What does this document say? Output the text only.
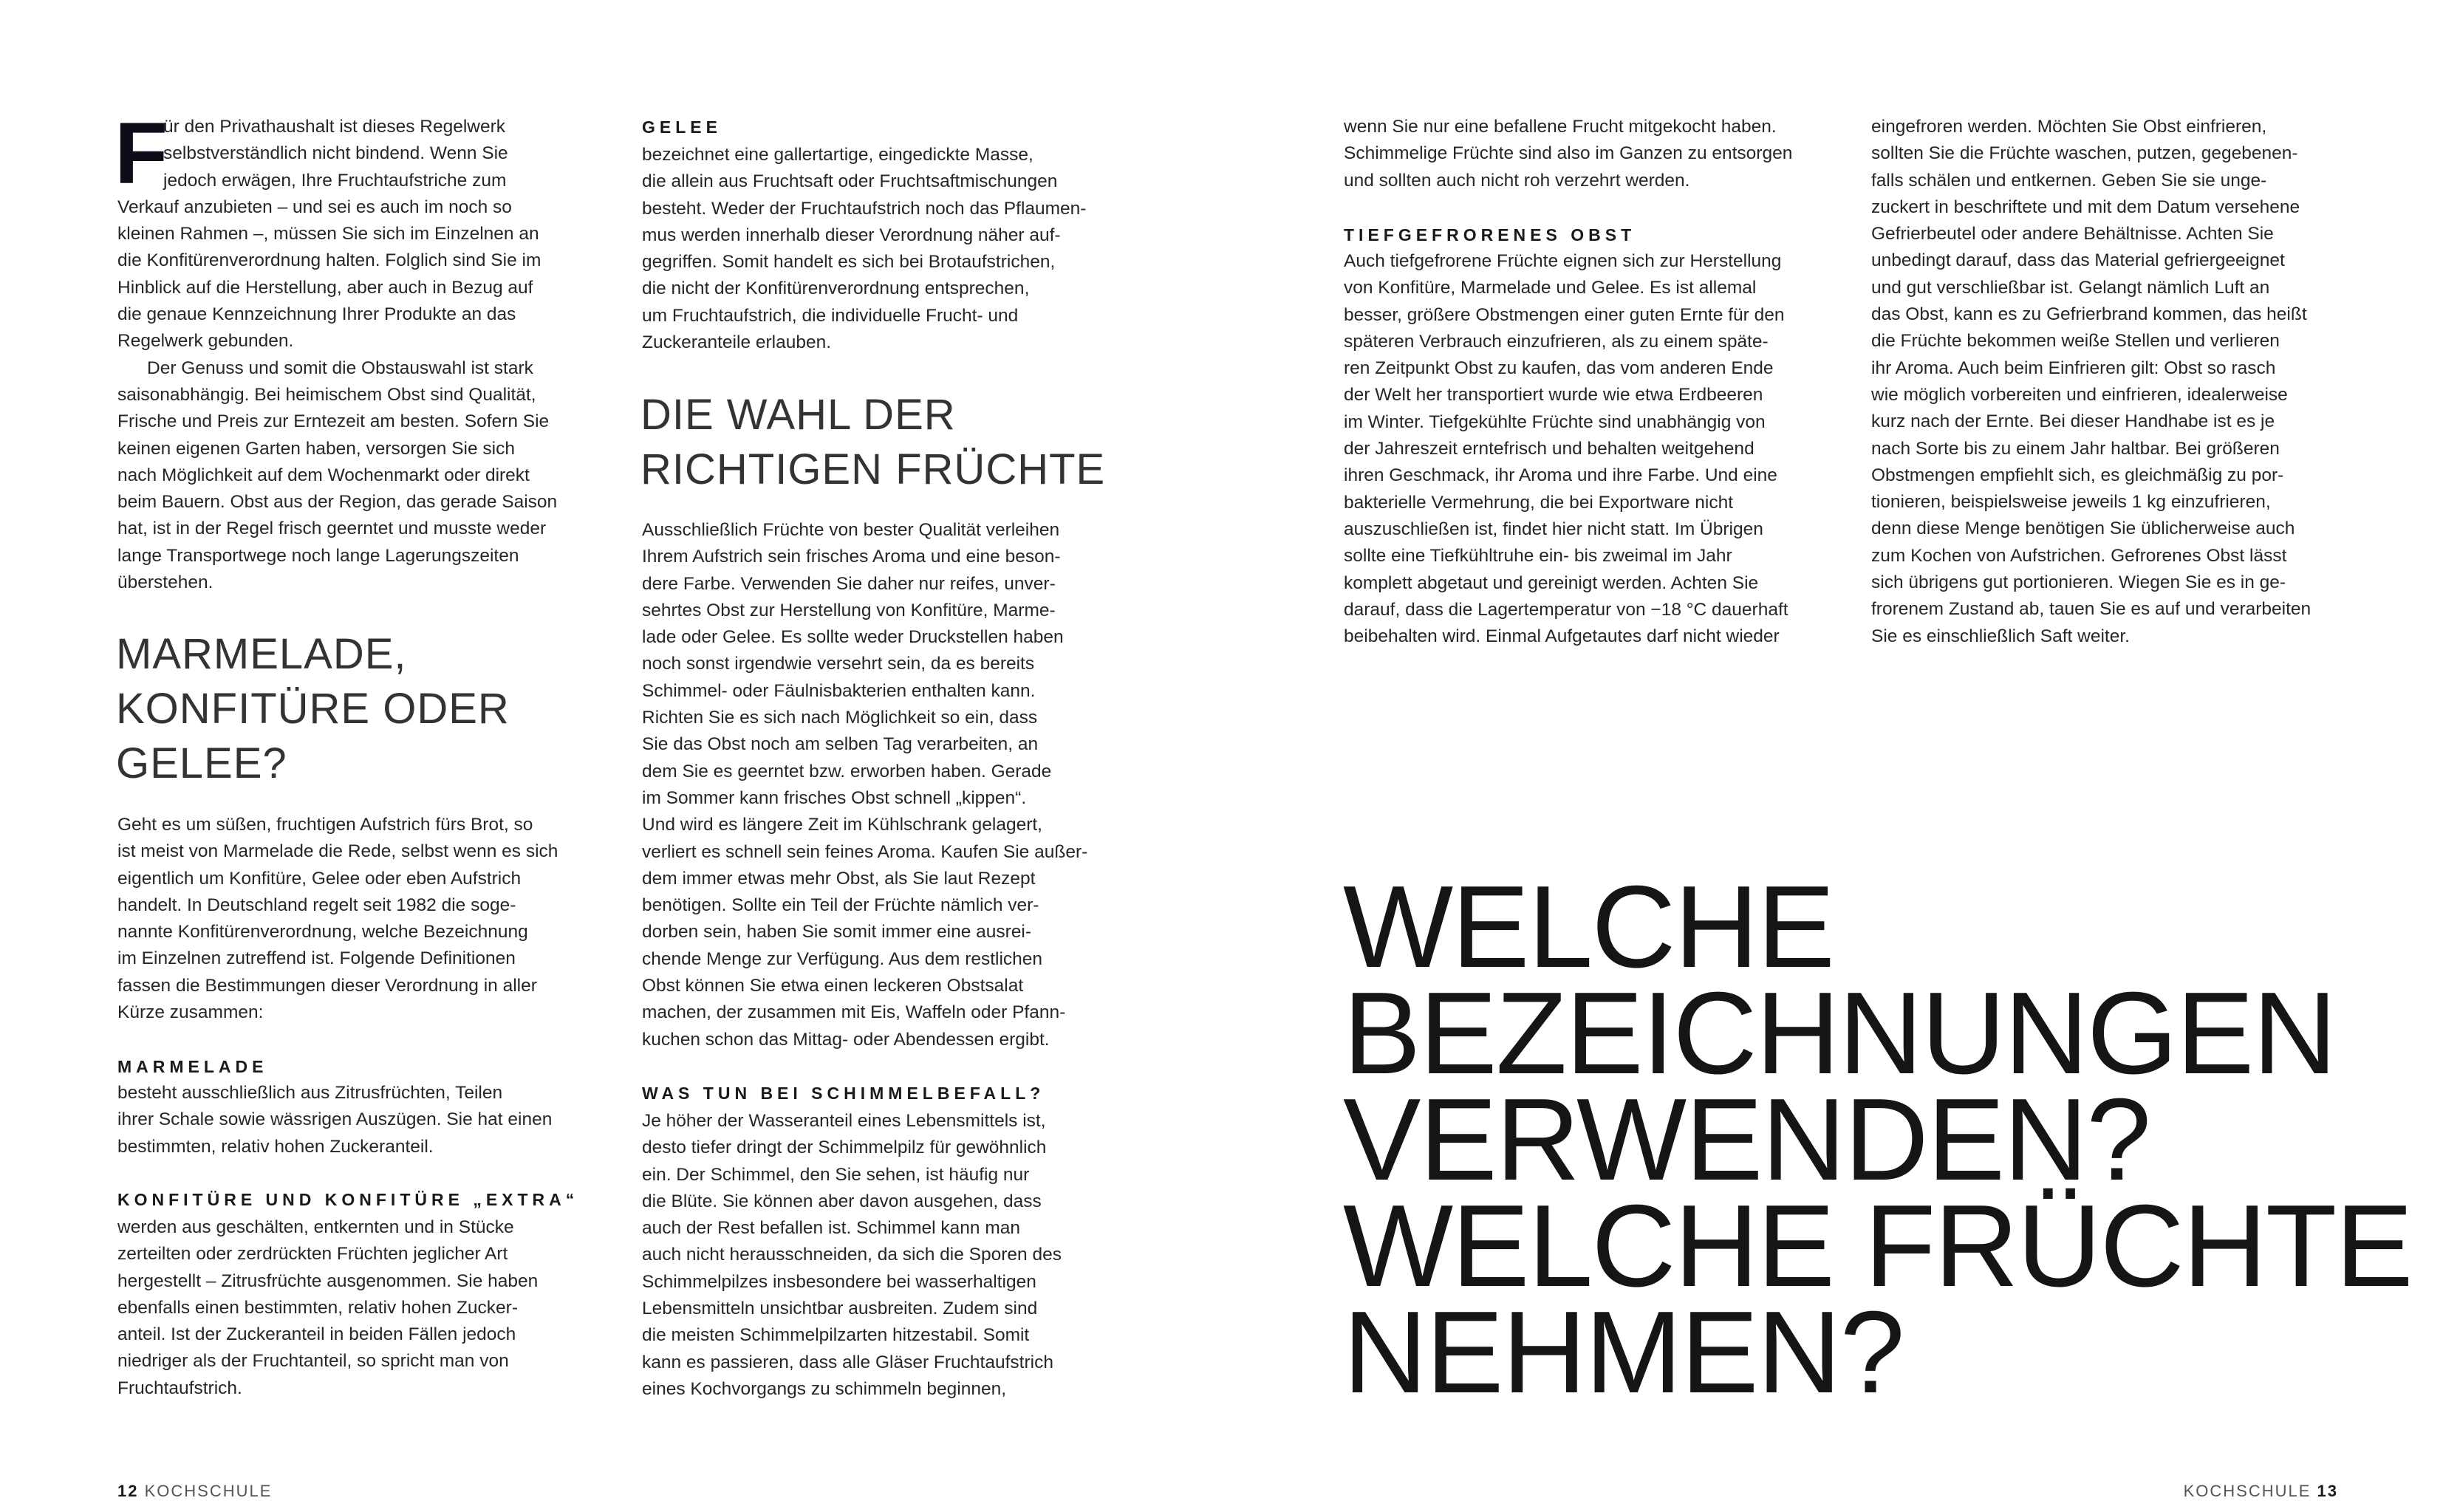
F
ür den Privathaushalt ist dieses Regelwerk
selbstverständlich nicht bindend. Wenn Sie
jedoch erwägen, Ihre Fruchtaufstriche zum
Verkauf anzubieten – und sei es auch im noch so
kleinen Rahmen –, müssen Sie sich im Einzelnen an
die Konfitürenverordnung halten. Folglich sind Sie im
Hinblick auf die Herstellung, aber auch in Bezug auf
die genaue Kennzeichnung Ihrer Produkte an das
Regelwerk gebunden.
Der Genuss und somit die Obstauswahl ist stark
saisonabhängig. Bei heimischem Obst sind Qualität,
Frische und Preis zur Erntezeit am besten. Sofern Sie
keinen eigenen Garten haben, versorgen Sie sich
nach Möglichkeit auf dem Wochenmarkt oder direkt
beim Bauern. Obst aus der Region, das gerade Saison
hat, ist in der Regel frisch geerntet und musste weder
lange Transportwege noch lange Lagerungszeiten
überstehen.
MARMELADE,
KONFITÜRE ODER
GELEE?
Geht es um süßen, fruchtigen Aufstrich fürs Brot, so
ist meist von Marmelade die Rede, selbst wenn es sich
eigentlich um Konfitüre, Gelee oder eben Aufstrich
handelt. In Deutschland regelt seit 1982 die soge-
nannte Konfitürenverordnung, welche Bezeichnung
im Einzelnen zutreffend ist. Folgende Definitionen
fassen die Bestimmungen dieser Verordnung in aller
Kürze zusammen:
MARMELADE
besteht ausschließlich aus Zitrusfrüchten, Teilen
ihrer Schale sowie wässrigen Auszügen. Sie hat einen
bestimmten, relativ hohen Zuckeranteil.
KONFITÜRE UND KONFITÜRE „EXTRA“
werden aus geschälten, entkernten und in Stücke
zerteilten oder zerdrückten Früchten jeglicher Art
hergestellt – Zitrusfrüchte ausgenommen. Sie haben
ebenfalls einen bestimmten, relativ hohen Zucker-
anteil. Ist der Zuckeranteil in beiden Fällen jedoch
niedriger als der Fruchtanteil, so spricht man von
Fruchtaufstrich.
GELEE
bezeichnet eine gallertartige, eingedickte Masse,
die allein aus Fruchtsaft oder Fruchtsaftmischungen
besteht. Weder der Fruchtaufstrich noch das Pflaumen-
mus werden innerhalb dieser Verordnung näher auf-
gegriffen. Somit handelt es sich bei Brotaufstrichen,
die nicht der Konfitürenverordnung entsprechen,
um Fruchtaufstrich, die individuelle Frucht- und
Zuckeranteile erlauben.
DIE WAHL DER
RICHTIGEN FRÜCHTE
Ausschließlich Früchte von bester Qualität verleihen
Ihrem Aufstrich sein frisches Aroma und eine beson-
dere Farbe. Verwenden Sie daher nur reifes, unver-
sehrtes Obst zur Herstellung von Konfitüre, Marme-
lade oder Gelee. Es sollte weder Druckstellen haben
noch sonst irgendwie versehrt sein, da es bereits
Schimmel- oder Fäulnisbakterien enthalten kann.
Richten Sie es sich nach Möglichkeit so ein, dass
Sie das Obst noch am selben Tag verarbeiten, an
dem Sie es geerntet bzw. erworben haben. Gerade
im Sommer kann frisches Obst schnell „kippen“.
Und wird es längere Zeit im Kühlschrank gelagert,
verliert es schnell sein feines Aroma. Kaufen Sie außer-
dem immer etwas mehr Obst, als Sie laut Rezept
benötigen. Sollte ein Teil der Früchte nämlich ver-
dorben sein, haben Sie somit immer eine ausrei-
chende Menge zur Verfügung. Aus dem restlichen
Obst können Sie etwa einen leckeren Obstsalat
machen, der zusammen mit Eis, Waffeln oder Pfann-
kuchen schon das Mittag- oder Abendessen ergibt.
WAS TUN BEI SCHIMMELBEFALL?
Je höher der Wasseranteil eines Lebensmittels ist,
desto tiefer dringt der Schimmelpilz für gewöhnlich
ein. Der Schimmel, den Sie sehen, ist häufig nur
die Blüte. Sie können aber davon ausgehen, dass
auch der Rest befallen ist. Schimmel kann man
auch nicht herausschneiden, da sich die Sporen des
Schimmelpilzes insbesondere bei wasserhaltigen
Lebensmitteln unsichtbar ausbreiten. Zudem sind
die meisten Schimmelpilzarten hitzestabil. Somit
kann es passieren, dass alle Gläser Fruchtaufstrich
eines Kochvorgangs zu schimmeln beginnen,
wenn Sie nur eine befallene Frucht mitgekocht haben.
Schimmelige Früchte sind also im Ganzen zu entsorgen
und sollten auch nicht roh verzehrt werden.
TIEFGEFRORENES OBST
Auch tiefgefrorene Früchte eignen sich zur Herstellung
von Konfitüre, Marmelade und Gelee. Es ist allemal
besser, größere Obstmengen einer guten Ernte für den
späteren Verbrauch einzufrieren, als zu einem späte-
ren Zeitpunkt Obst zu kaufen, das vom anderen Ende
der Welt her transportiert wurde wie etwa Erdbeeren
im Winter. Tiefgekühlte Früchte sind unabhängig von
der Jahreszeit erntefrisch und behalten weitgehend
ihren Geschmack, ihr Aroma und ihre Farbe. Und eine
bakterielle Vermehrung, die bei Exportware nicht
auszuschließen ist, findet hier nicht statt. Im Übrigen
sollte eine Tiefkühltruhe ein- bis zweimal im Jahr
komplett abgetaut und gereinigt werden. Achten Sie
darauf, dass die Lagertemperatur von −18 °C dauerhaft
beibehalten wird. Einmal Aufgetautes darf nicht wieder
eingefroren werden. Möchten Sie Obst einfrieren,
sollten Sie die Früchte waschen, putzen, gegebenen-
falls schälen und entkernen. Geben Sie sie unge-
zuckert in beschriftete und mit dem Datum versehene
Gefrierbeutel oder andere Behältnisse. Achten Sie
unbedingt darauf, dass das Material gefriergeeignet
und gut verschließbar ist. Gelangt nämlich Luft an
das Obst, kann es zu Gefrierbrand kommen, das heißt
die Früchte bekommen weiße Stellen und verlieren
ihr Aroma. Auch beim Einfrieren gilt: Obst so rasch
wie möglich vorbereiten und einfrieren, idealerweise
kurz nach der Ernte. Bei dieser Handhabe ist es je
nach Sorte bis zu einem Jahr haltbar. Bei größeren
Obstmengen empfiehlt sich, es gleichmäßig zu por-
tionieren, beispielsweise jeweils 1 kg einzufrieren,
denn diese Menge benötigen Sie üblicherweise auch
zum Kochen von Aufstrichen. Gefrorenes Obst lässt
sich übrigens gut portionieren. Wiegen Sie es in ge-
frorenem Zustand ab, tauen Sie es auf und verarbeiten
Sie es einschließlich Saft weiter.
WELCHE
BEZEICHNUNGEN
VERWENDEN?
WELCHE FRÜCHTE
NEHMEN?
12 KOCHSCHULE	KOCHSCHULE 13
